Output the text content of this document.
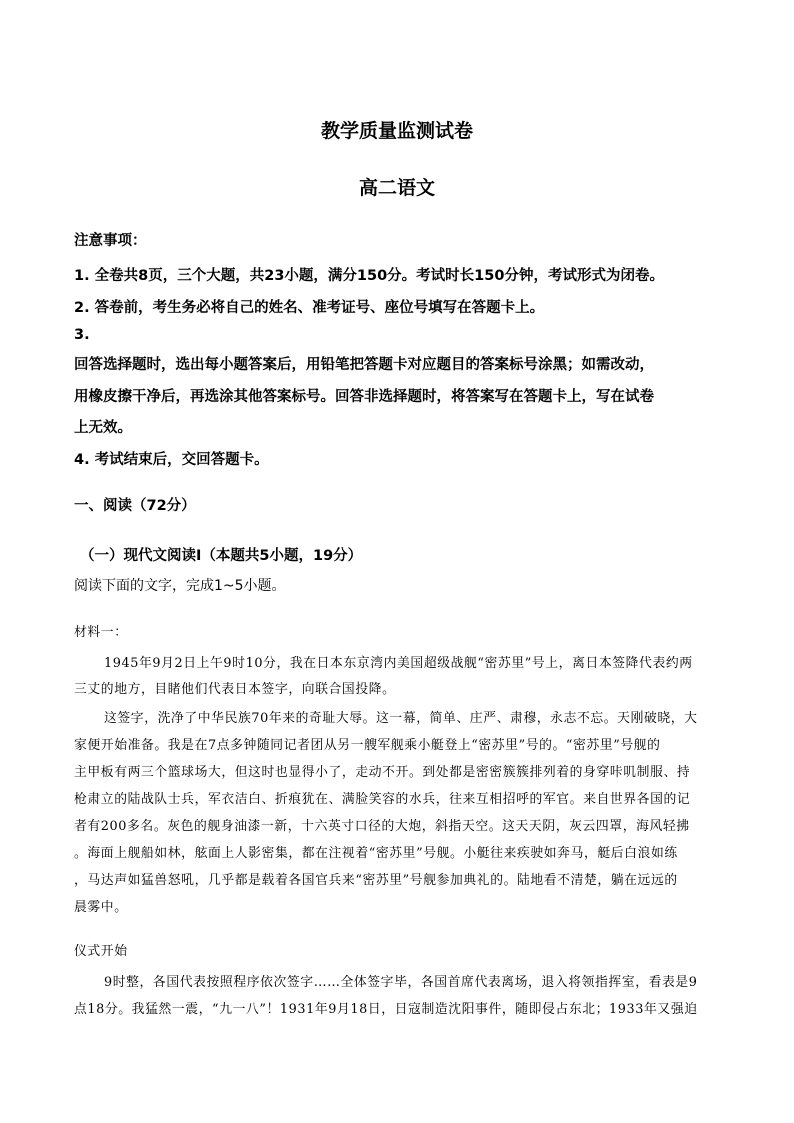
教学质量监测试卷
高二语文
注意事项：
1. 全卷共8页，三个大题，共23小题，满分150分。考试时长150分钟，考试形式为闭卷。
2. 答卷前，考生务必将自己的姓名、准考证号、座位号填写在答题卡上。
3.
回答选择题时，选出每小题答案后，用铅笔把答题卡对应题目的答案标号涂黑；如需改动，
用橡皮擦干净后，再选涂其他答案标号。回答非选择题时，将答案写在答题卡上，写在试卷
上无效。
4. 考试结束后，交回答题卡。
一、阅读（72分）
（一）现代文阅读Ⅰ（本题共5小题，19分）
阅读下面的文字，完成1~5小题。
材料一：
1945年9月2日上午9时10分，我在日本东京湾内美国超级战舰“密苏里”号上，离日本签降代表约两
三丈的地方，目睹他们代表日本签字，向联合国投降。
这签字，洗净了中华民族70年来的奇耻大辱。这一幕，简单、庄严、肃穆，永志不忘。天刚破晓，大
家便开始准备。我是在7点多钟随同记者团从另一艘军舰乘小艇登上“密苏里”号的。“密苏里”号舰的
主甲板有两三个篮球场大，但这时也显得小了，走动不开。到处都是密密簇簇排列着的身穿咔叽制服、持
枪肃立的陆战队士兵，军衣洁白、折痕犹在、满脸笑容的水兵，往来互相招呼的军官。来自世界各国的记
者有200多名。灰色的舰身油漆一新，十六英寸口径的大炮，斜指天空。这天天阴，灰云四罩，海风轻拂
。海面上舰船如林，舷面上人影密集，都在注视着“密苏里”号舰。小艇往来疾驶如奔马，艇后白浪如练
，马达声如猛兽怒吼，几乎都是载着各国官兵来“密苏里”号舰参加典礼的。陆地看不清楚，躺在远远的
晨雾中。
仪式开始
9时整，各国代表按照程序依次签字……全体签字毕，各国首席代表离场，退入将领指挥室，看表是9
点18分。我猛然一震，“九一八”！1931年9月18日，日寇制造沈阳事件，随即侵占东北；1933年又强迫
